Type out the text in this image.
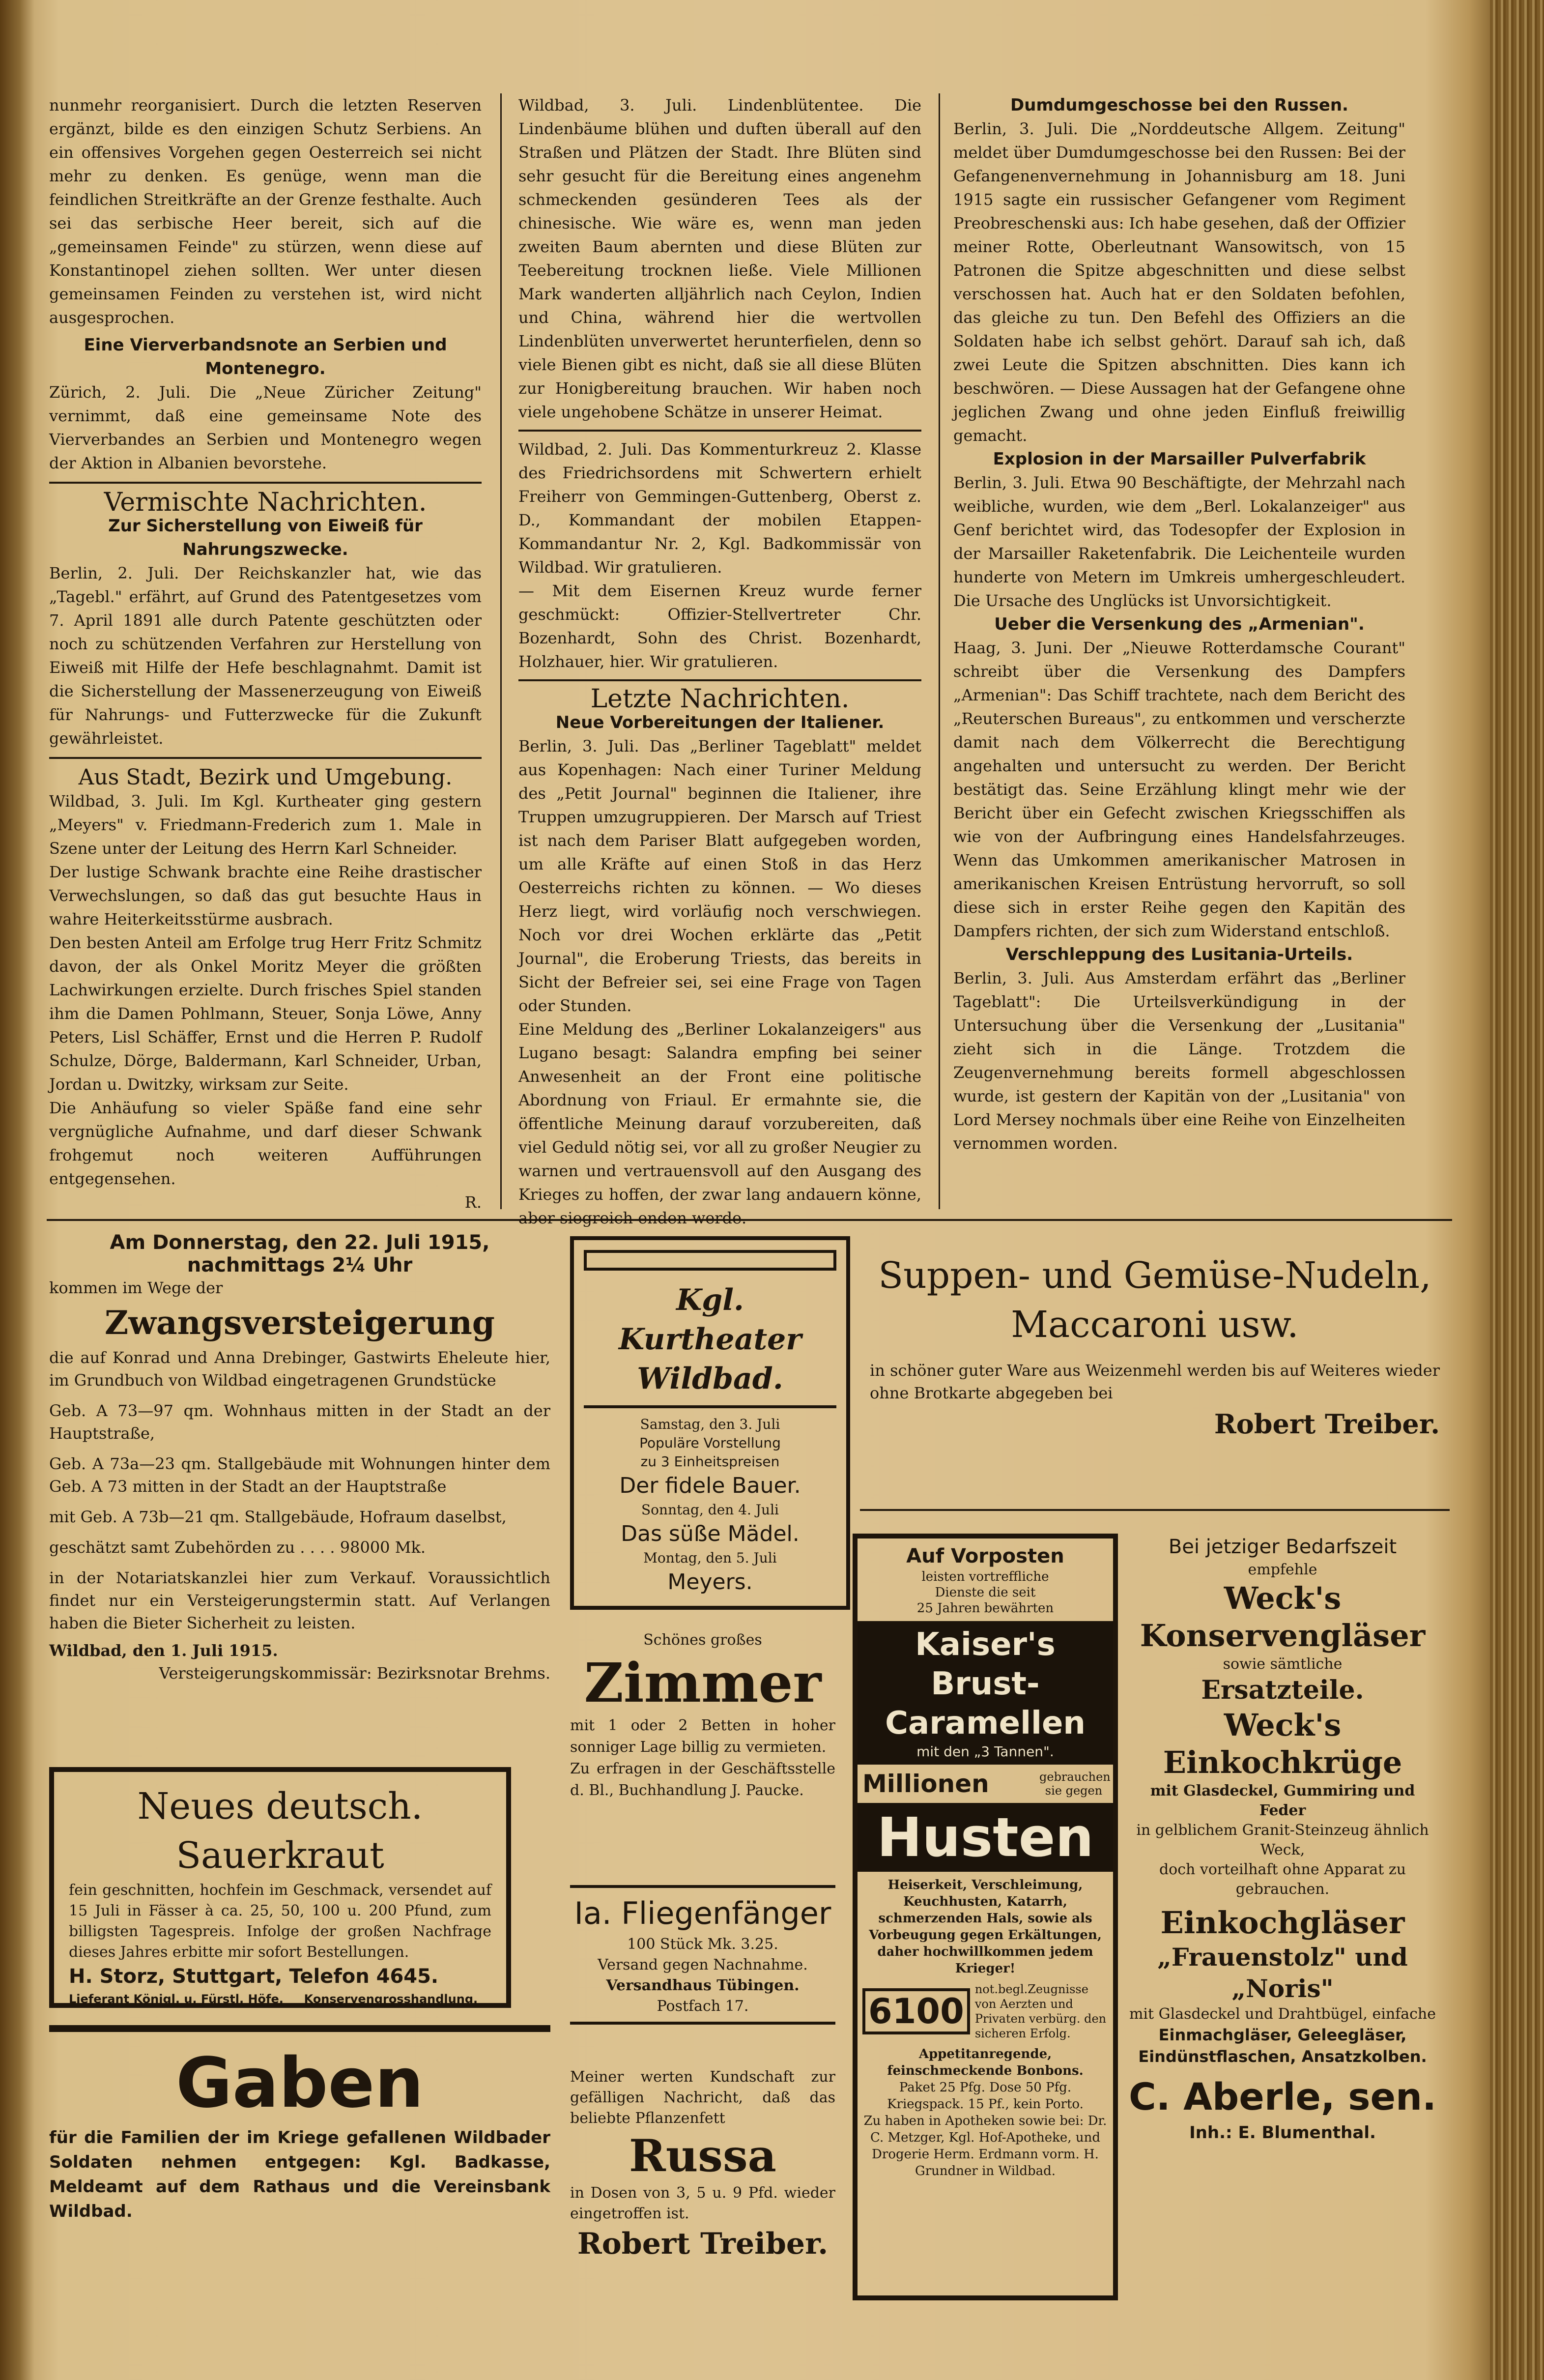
nunmehr reorganisiert. Durch die letzten Reserven ergänzt, bilde es den einzigen Schutz Serbiens. An ein offensives Vorgehen gegen Oesterreich sei nicht mehr zu denken. Es genüge, wenn man die feindlichen Streitkräfte an der Grenze festhalte. Auch sei das serbische Heer bereit, sich auf die „gemeinsamen Feinde" zu stürzen, wenn diese auf Konstantinopel ziehen sollten. Wer unter diesen gemeinsamen Feinden zu verstehen ist, wird nicht ausgesprochen.

Eine Vierverbandsnote an Serbien und Montenegro.

Zürich, 2. Juli. Die „Neue Züricher Zeitung" vernimmt, daß eine gemeinsame Note des Vierverbandes an Serbien und Montenegro wegen der Aktion in Albanien bevorstehe.

Vermischte Nachrichten.
Zur Sicherstellung von Eiweiß für Nahrungszwecke.

Berlin, 2. Juli. Der Reichskanzler hat, wie das „Tagebl." erfährt, auf Grund des Patentgesetzes vom 7. April 1891 alle durch Patente geschützten oder noch zu schützenden Verfahren zur Herstellung von Eiweiß mit Hilfe der Hefe beschlagnahmt. Damit ist die Sicherstellung der Massenerzeugung von Eiweiß für Nahrungs- und Futterzwecke für die Zukunft gewährleistet.

Aus Stadt, Bezirk und Umgebung.

Wildbad, 3. Juli. Im Kgl. Kurtheater ging gestern „Meyers" v. Friedmann-Frederich zum 1. Male in Szene unter der Leitung des Herrn Karl Schneider.

Der lustige Schwank brachte eine Reihe drastischer Verwechslungen, so daß das gut besuchte Haus in wahre Heiterkeitsstürme ausbrach.

Den besten Anteil am Erfolge trug Herr Fritz Schmitz davon, der als Onkel Moritz Meyer die größten Lachwirkungen erzielte. Durch frisches Spiel standen ihm die Damen Pohlmann, Steuer, Sonja Löwe, Anny Peters, Lisl Schäffer, Ernst und die Herren P. Rudolf Schulze, Dörge, Baldermann, Karl Schneider, Urban, Jordan u. Dwitzky, wirksam zur Seite.

Die Anhäufung so vieler Späße fand eine sehr vergnügliche Aufnahme, und darf dieser Schwank frohgemut noch weiteren Aufführungen entgegensehen.

R.

Wildbad, 3. Juli. Lindenblütentee. Die Lindenbäume blühen und duften überall auf den Straßen und Plätzen der Stadt. Ihre Blüten sind sehr gesucht für die Bereitung eines angenehm schmeckenden gesünderen Tees als der chinesische. Wie wäre es, wenn man jeden zweiten Baum abernten und diese Blüten zur Teebereitung trocknen ließe. Viele Millionen Mark wanderten alljährlich nach Ceylon, Indien und China, während hier die wertvollen Lindenblüten unverwertet herunterfielen, denn so viele Bienen gibt es nicht, daß sie all diese Blüten zur Honigbereitung brauchen. Wir haben noch viele ungehobene Schätze in unserer Heimat.

Wildbad, 2. Juli. Das Kommenturkreuz 2. Klasse des Friedrichsordens mit Schwertern erhielt Freiherr von Gemmingen-Guttenberg, Oberst z. D., Kommandant der mobilen Etappen-Kommandantur Nr. 2, Kgl. Badkommissär von Wildbad. Wir gratulieren.

— Mit dem Eisernen Kreuz wurde ferner geschmückt: Offizier-Stellvertreter Chr. Bozenhardt, Sohn des Christ. Bozenhardt, Holzhauer, hier. Wir gratulieren.

Letzte Nachrichten.
Neue Vorbereitungen der Italiener.

Berlin, 3. Juli. Das „Berliner Tageblatt" meldet aus Kopenhagen: Nach einer Turiner Meldung des „Petit Journal" beginnen die Italiener, ihre Truppen umzugruppieren. Der Marsch auf Triest ist nach dem Pariser Blatt aufgegeben worden, um alle Kräfte auf einen Stoß in das Herz Oesterreichs richten zu können. — Wo dieses Herz liegt, wird vorläufig noch verschwiegen. Noch vor drei Wochen erklärte das „Petit Journal", die Eroberung Triests, das bereits in Sicht der Befreier sei, sei eine Frage von Tagen oder Stunden.

Eine Meldung des „Berliner Lokalanzeigers" aus Lugano besagt: Salandra empfing bei seiner Anwesenheit an der Front eine politische Abordnung von Friaul. Er ermahnte sie, die öffentliche Meinung darauf vorzubereiten, daß viel Geduld nötig sei, vor all zu großer Neugier zu warnen und vertrauensvoll auf den Ausgang des Krieges zu hoffen, der zwar lang andauern könne, aber siegreich enden werde.

Dumdumgeschosse bei den Russen.

Berlin, 3. Juli. Die „Norddeutsche Allgem. Zeitung" meldet über Dumdumgeschosse bei den Russen: Bei der Gefangenenvernehmung in Johannisburg am 18. Juni 1915 sagte ein russischer Gefangener vom Regiment Preobreschenski aus: Ich habe gesehen, daß der Offizier meiner Rotte, Oberleutnant Wansowitsch, von 15 Patronen die Spitze abgeschnitten und diese selbst verschossen hat. Auch hat er den Soldaten befohlen, das gleiche zu tun. Den Befehl des Offiziers an die Soldaten habe ich selbst gehört. Darauf sah ich, daß zwei Leute die Spitzen abschnitten. Dies kann ich beschwören. — Diese Aussagen hat der Gefangene ohne jeglichen Zwang und ohne jeden Einfluß freiwillig gemacht.

Explosion in der Marsailler Pulverfabrik

Berlin, 3. Juli. Etwa 90 Beschäftigte, der Mehrzahl nach weibliche, wurden, wie dem „Berl. Lokalanzeiger" aus Genf berichtet wird, das Todesopfer der Explosion in der Marsailler Raketenfabrik. Die Leichenteile wurden hunderte von Metern im Umkreis umhergeschleudert. Die Ursache des Unglücks ist Unvorsichtigkeit.

Ueber die Versenkung des „Armenian".

Haag, 3. Juni. Der „Nieuwe Rotterdamsche Courant" schreibt über die Versenkung des Dampfers „Armenian": Das Schiff trachtete, nach dem Bericht des „Reuterschen Bureaus", zu entkommen und verscherzte damit nach dem Völkerrecht die Berechtigung angehalten und untersucht zu werden. Der Bericht bestätigt das. Seine Erzählung klingt mehr wie der Bericht über ein Gefecht zwischen Kriegsschiffen als wie von der Aufbringung eines Handelsfahrzeuges. Wenn das Umkommen amerikanischer Matrosen in amerikanischen Kreisen Entrüstung hervorruft, so soll diese sich in erster Reihe gegen den Kapitän des Dampfers richten, der sich zum Widerstand entschloß.

Verschleppung des Lusitania-Urteils.

Berlin, 3. Juli. Aus Amsterdam erfährt das „Berliner Tageblatt": Die Urteilsverkündigung in der Untersuchung über die Versenkung der „Lusitania" zieht sich in die Länge. Trotzdem die Zeugenvernehmung bereits formell abgeschlossen wurde, ist gestern der Kapitän von der „Lusitania" von Lord Mersey nochmals über eine Reihe von Einzelheiten vernommen worden.

Am Donnerstag, den 22. Juli 1915,
nachmittags 2¼ Uhr
kommen im Wege der
Zwangsversteigerung

die auf Konrad und Anna Drebinger, Gastwirts Eheleute hier, im Grundbuch von Wildbad eingetragenen Grundstücke

Geb. A 73—97 qm. Wohnhaus mitten in der Stadt an der Hauptstraße,

Geb. A 73a—23 qm. Stallgebäude mit Wohnungen hinter dem Geb. A 73 mitten in der Stadt an der Hauptstraße

mit Geb. A 73b—21 qm. Stallgebäude, Hofraum daselbst,

geschätzt samt Zubehörden zu . . . . 98000 Mk.

in der Notariatskanzlei hier zum Verkauf. Voraussichtlich findet nur ein Versteigerungstermin statt. Auf Verlangen haben die Bieter Sicherheit zu leisten.

Wildbad, den 1. Juli 1915.

Versteigerungskommissär: Bezirksnotar Brehms.

Neues deutsch. Sauerkraut
fein geschnitten, hochfein im Geschmack, versendet auf 15 Juli in Fässer à ca. 25, 50, 100 u. 200 Pfund, zum billigsten Tagespreis. Infolge der großen Nachfrage dieses Jahres erbitte mir sofort Bestellungen.
H. Storz, Stuttgart, Telefon 4645.
Lieferant Königl. u. Fürstl. Höfe.     Konservengrosshandlung.
Gaben

für die Familien der im Kriege gefallenen Wildbader Soldaten nehmen entgegen: Kgl. Badkasse, Meldeamt auf dem Rathaus und die Vereinsbank Wildbad.

Kgl. Kurtheater
Wildbad.
Samstag, den 3. Juli
Populäre Vorstellung
zu 3 Einheitspreisen
Der fidele Bauer.
Sonntag, den 4. Juli
Das süße Mädel.
Montag, den 5. Juli
Meyers.
Schönes großes
Zimmer

mit 1 oder 2 Betten in hoher sonniger Lage billig zu vermieten.

Zu erfragen in der Geschäftsstelle d. Bl., Buchhandlung J. Paucke.

Ia. Fliegenfänger
100 Stück Mk. 3.25.
Versand gegen Nachnahme.
Versandhaus Tübingen.
Postfach 17.

Meiner werten Kundschaft zur gefälligen Nachricht, daß das beliebte Pflanzenfett

Russa

in Dosen von 3, 5 u. 9 Pfd. wieder eingetroffen ist.

Robert Treiber.
Suppen- und Gemüse-Nudeln,
Maccaroni usw.

in schöner guter Ware aus Weizenmehl werden bis auf Weiteres wieder ohne Brotkarte abgegeben bei

Robert Treiber.
Auf Vorposten
leisten vortreffliche
Dienste die seit
25 Jahren bewährten
Kaiser's Brust-
Caramellen
mit den „3 Tannen".
Millionen	gebrauchen sie gegen
Husten
Heiserkeit, Verschleimung, Keuchhusten, Katarrh, schmerzenden Hals, sowie als Vorbeugung gegen Erkältungen, daher hochwillkommen jedem Krieger!
6100
not.begl.Zeugnisse von Aerzten und Privaten verbürg. den sicheren Erfolg.
Appetitanregende, feinschmeckende Bonbons.
Paket 25 Pfg. Dose 50 Pfg. Kriegspack. 15 Pf., kein Porto.
Zu haben in Apotheken sowie bei: Dr. C. Metzger, Kgl. Hof-Apotheke, und Drogerie Herm. Erdmann vorm. H. Grundner in Wildbad.
Bei jetziger Bedarfszeit
empfehle
Weck's
Konservengläser
sowie sämtliche
Ersatzteile.
Weck's
Einkochkrüge
mit Glasdeckel, Gummiring und Feder
in gelblichem Granit-Steinzeug ähnlich Weck,
doch vorteilhaft ohne Apparat zu gebrauchen.
Einkochgläser
„Frauenstolz" und
„Noris"
mit Glasdeckel und Drahtbügel, einfache
Einmachgläser, Geleegläser, Eindünstflaschen, Ansatzkolben.
C. Aberle, sen.
Inh.: E. Blumenthal.
